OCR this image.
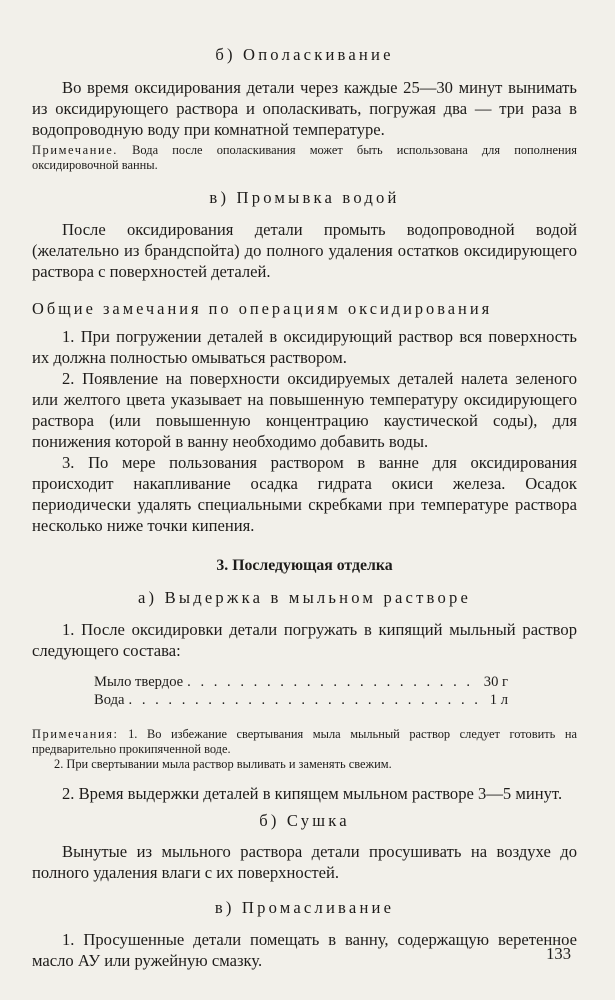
б) Ополаскивание

Во время оксидирования детали через каждые 25—30 минут вынимать из оксидирующего раствора и ополаскивать, погружая два — три раза в водопроводную воду при комнатной температуре.

Примечание. Вода после ополаскивания может быть использована для пополнения оксидировочной ванны.

в) Промывка водой

После оксидирования детали промыть водопроводной водой (желательно из брандспойта) до полного удаления остатков оксидирующего раствора с поверхностей деталей.

Общие замечания по операциям оксидирования

1. При погружении деталей в оксидирующий раствор вся поверхность их должна полностью омываться раствором.

2. Появление на поверхности оксидируемых деталей налета зеленого или желтого цвета указывает на повышенную температуру оксидирующего раствора (или повышенную концентрацию каустической соды), для понижения которой в ванну необходимо добавить воды.

3. По мере пользования раствором в ванне для оксидирования происходит накапливание осадка гидрата окиси железа. Осадок периодически удалять специальными скребками при температуре раствора несколько ниже точки кипения.

3. Последующая отделка
а) Выдержка в мыльном растворе

1. После оксидировки детали погружать в кипящий мыльный раствор следующего состава:

Мыло твердое . . .	30 г
Вода . . .	1 л

Примечания: 1. Во избежание свертывания мыла мыльный раствор следует готовить на предварительно прокипяченной воде.

2. При свертывании мыла раствор выливать и заменять свежим.

2. Время выдержки деталей в кипящем мыльном растворе 3—5 минут.

б) Сушка

Вынутые из мыльного раствора детали просушивать на воздухе до полного удаления влаги с их поверхностей.

в) Промасливание

1. Просушенные детали помещать в ванну, содержащую веретенное масло АУ или ружейную смазку.	133
